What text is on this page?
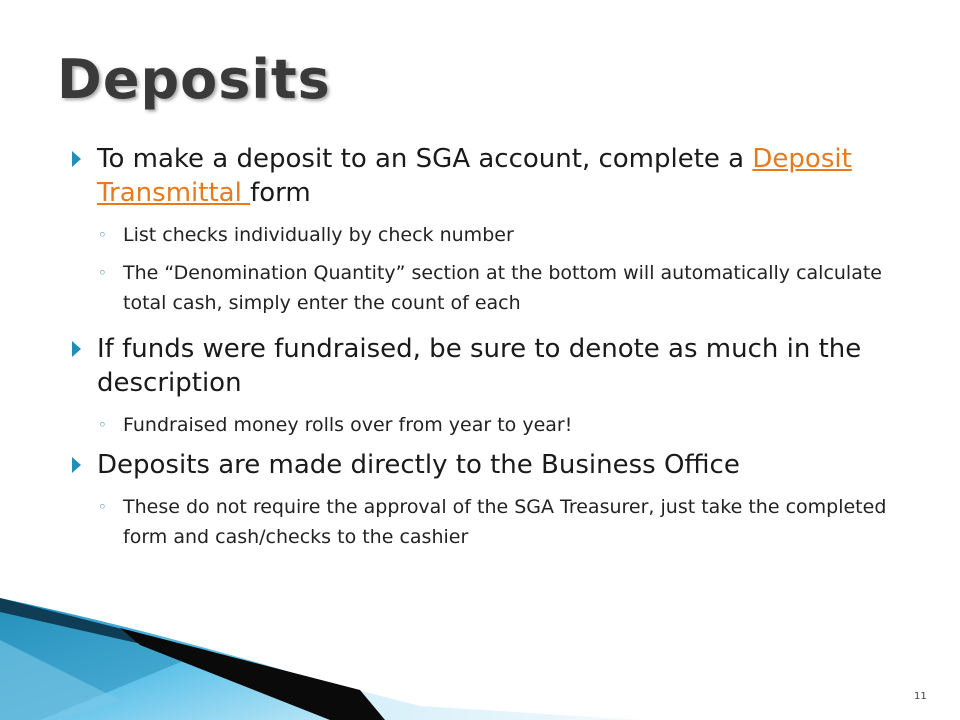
Deposits

To make a deposit to an SGA account, complete a Deposit Transmittal form

◦ List checks individually by check number

◦ The “Denomination Quantity” section at the bottom will automatically calculate total cash, simply enter the count of each

If funds were fundraised, be sure to denote as much in the description

◦ Fundraised money rolls over from year to year!

Deposits are made directly to the Business Office

◦ These do not require the approval of the SGA Treasurer, just take the completed form and cash/checks to the cashier

11
